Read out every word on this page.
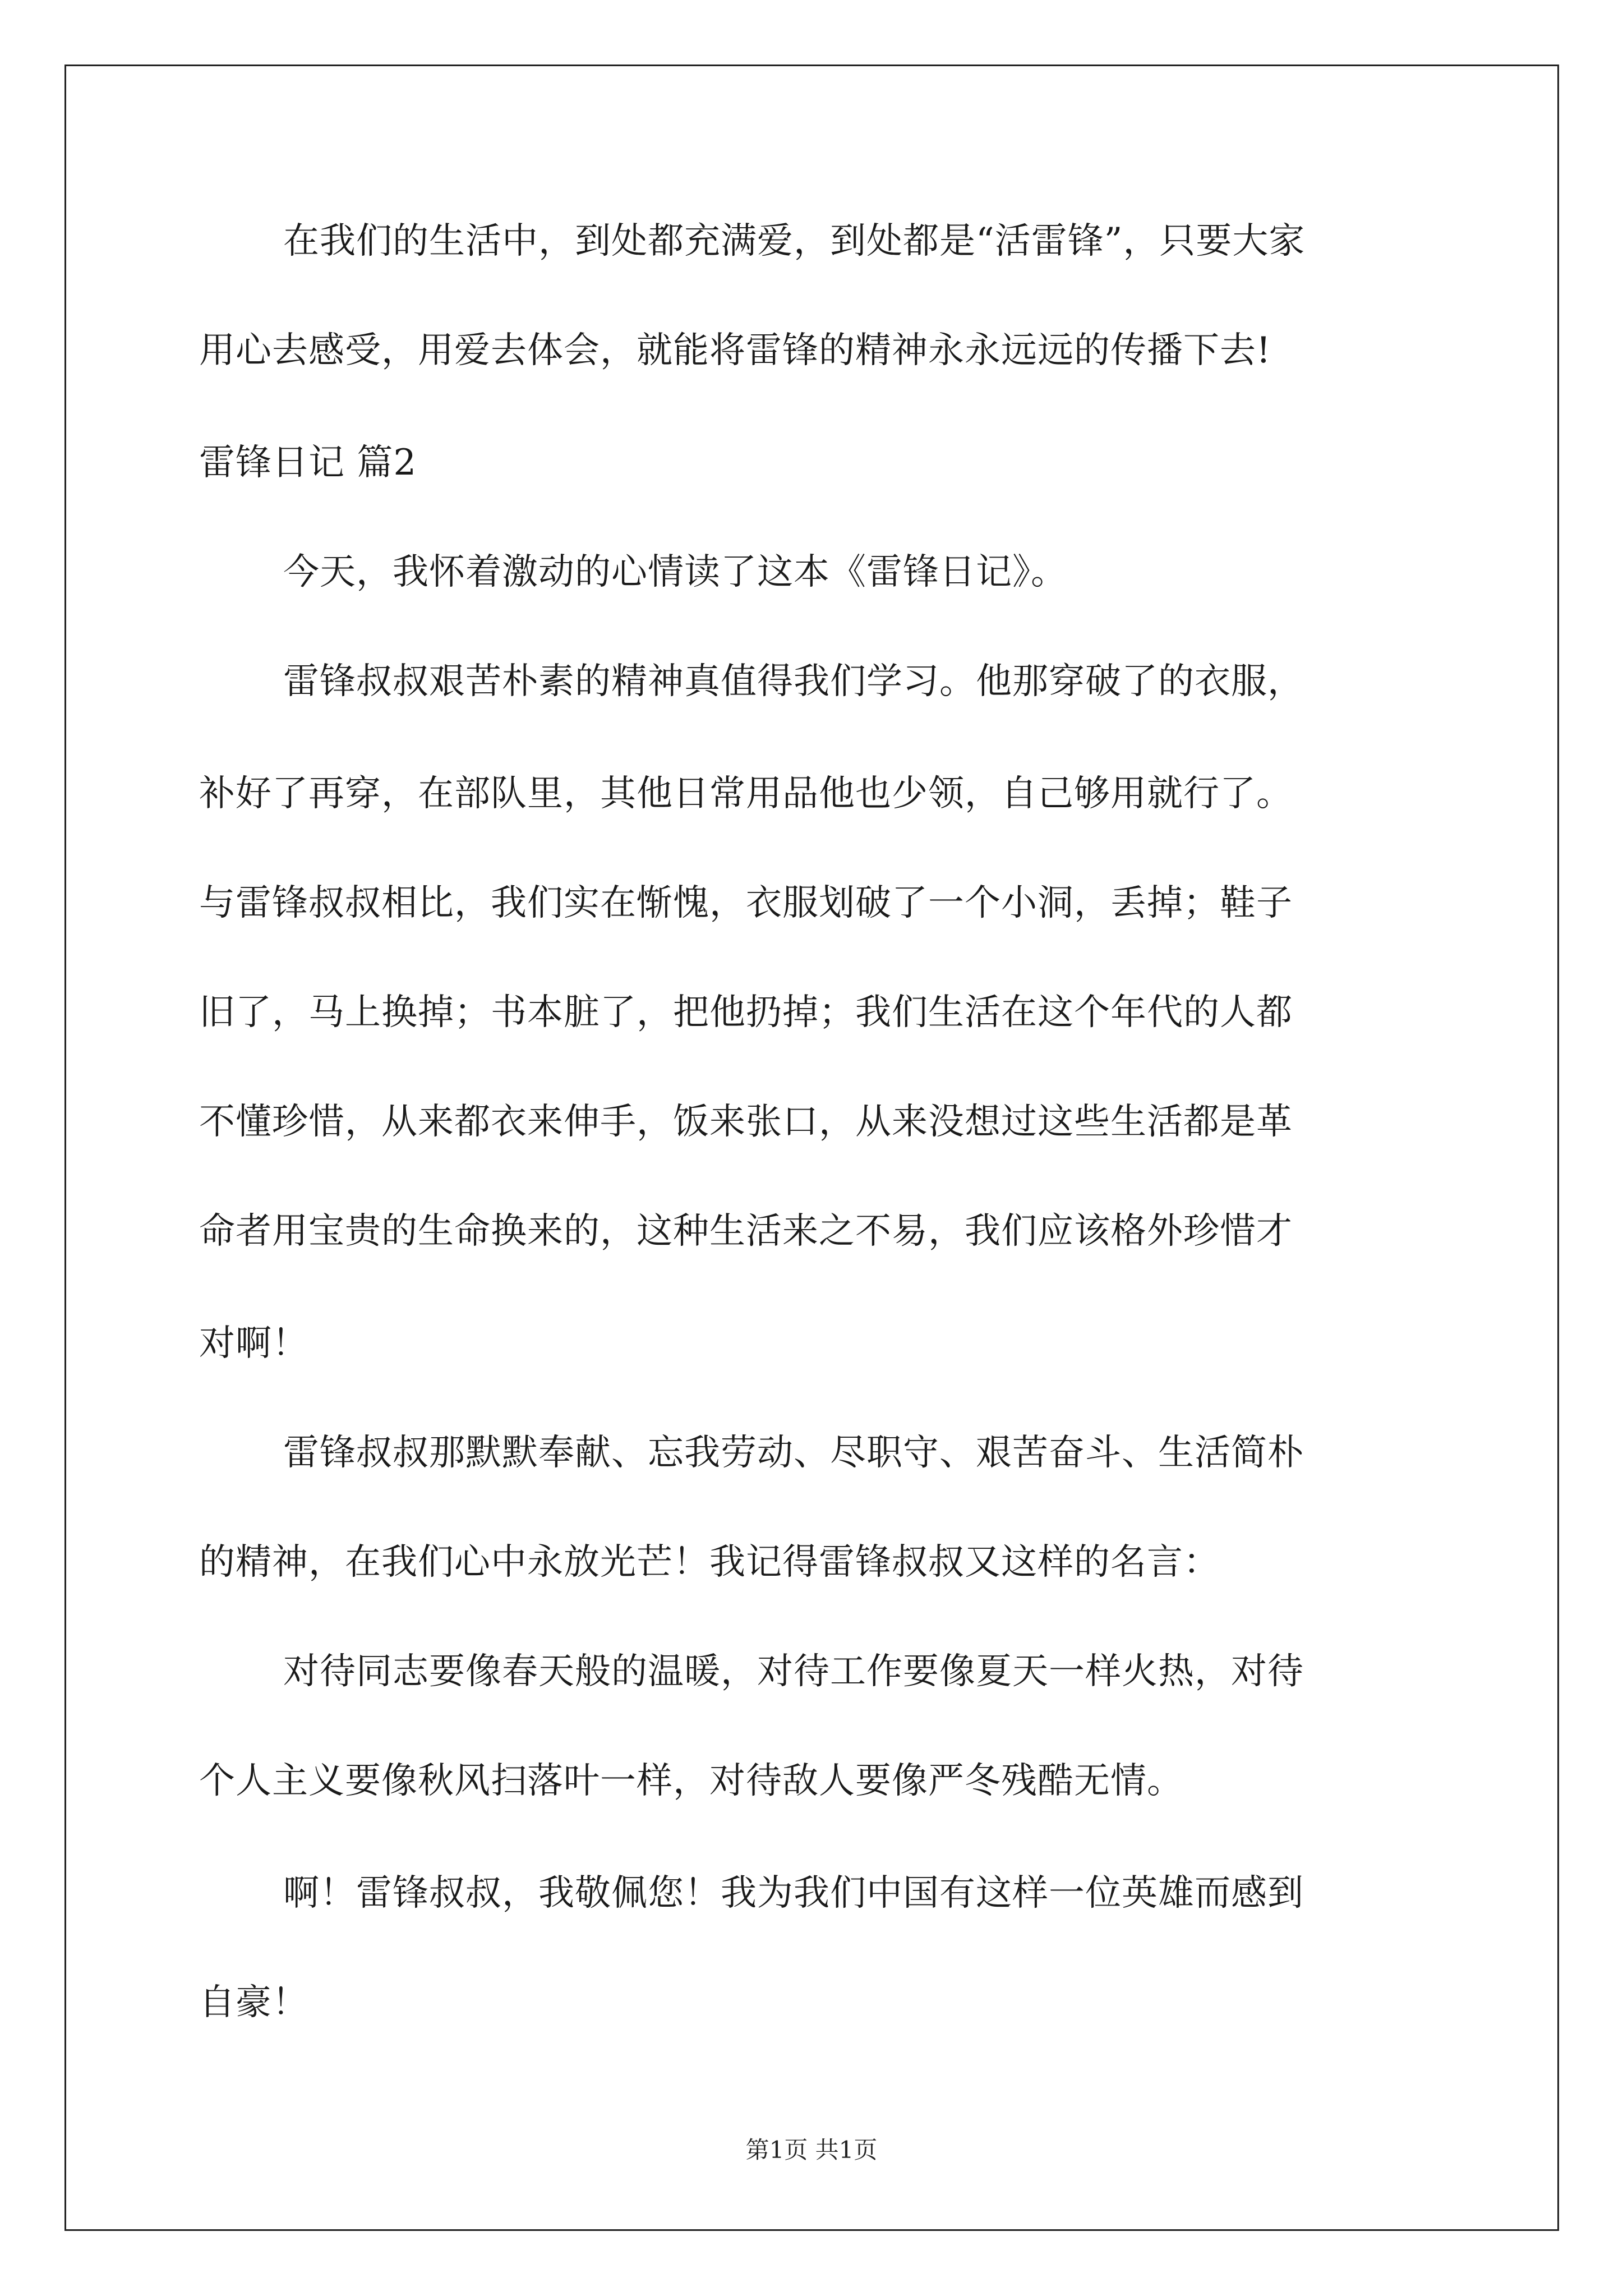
在我们的生活中，到处都充满爱，到处都是“活雷锋”，只要大家
用心去感受，用爱去体会，就能将雷锋的精神永永远远的传播下去!
雷锋日记 篇2
今天，我怀着激动的心情读了这本《雷锋日记》。
雷锋叔叔艰苦朴素的精神真值得我们学习。他那穿破了的衣服，
补好了再穿，在部队里，其他日常用品他也少领，自己够用就行了。
与雷锋叔叔相比，我们实在惭愧，衣服划破了一个小洞，丢掉；鞋子
旧了，马上换掉；书本脏了，把他扔掉；我们生活在这个年代的人都
不懂珍惜，从来都衣来伸手，饭来张口，从来没想过这些生活都是革
命者用宝贵的生命换来的，这种生活来之不易，我们应该格外珍惜才
对啊！
雷锋叔叔那默默奉献、忘我劳动、尽职守、艰苦奋斗、生活简朴
的精神，在我们心中永放光芒！我记得雷锋叔叔又这样的名言：
对待同志要像春天般的温暖，对待工作要像夏天一样火热，对待
个人主义要像秋风扫落叶一样，对待敌人要像严冬残酷无情。
啊！雷锋叔叔，我敬佩您！我为我们中国有这样一位英雄而感到
自豪！
第1页 共1页
